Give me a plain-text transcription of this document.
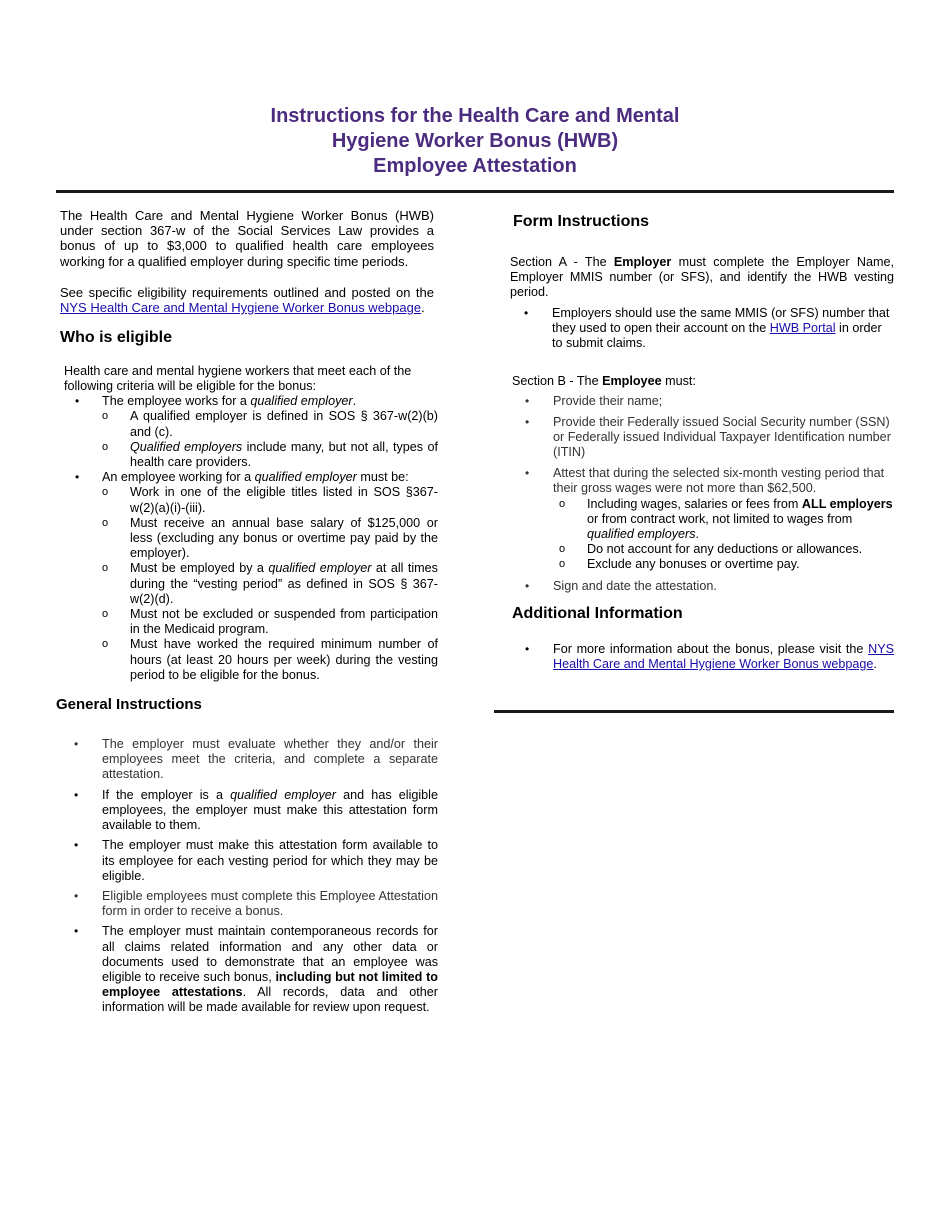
Instructions for the Health Care and Mental
Hygiene Worker Bonus (HWB)
Employee Attestation

The Health Care and Mental Hygiene Worker Bonus (HWB) under section 367-w of the Social Services Law provides a bonus of up to $3,000 to qualified health care employees working for a qualified employer during specific time periods.

See specific eligibility requirements outlined and posted on the NYS Health Care and Mental Hygiene Worker Bonus webpage.

Who is eligible

Health care and mental hygiene workers that meet each of the following criteria will be eligible for the bonus:

• The employee works for a qualified employer.
o A qualified employer is defined in SOS § 367-w(2)(b) and (c).
o Qualified employers include many, but not all, types of health care providers.
• An employee working for a qualified employer must be:
o Work in one of the eligible titles listed in SOS §367-w(2)(a)(i)-(iii).
o Must receive an annual base salary of $125,000 or less (excluding any bonus or overtime pay paid by the employer).
o Must be employed by a qualified employer at all times during the “vesting period” as defined in SOS § 367-w(2)(d).
o Must not be excluded or suspended from participation in the Medicaid program.
o Must have worked the required minimum number of hours (at least 20 hours per week) during the vesting period to be eligible for the bonus.
General Instructions
• The employer must evaluate whether they and/or their employees meet the criteria, and complete a separate attestation.
• If the employer is a qualified employer and has eligible employees, the employer must make this attestation form available to them.
• The employer must make this attestation form available to its employee for each vesting period for which they may be eligible.
• Eligible employees must complete this Employee Attestation form in order to receive a bonus.
• The employer must maintain contemporaneous records for all claims related information and any other data or documents used to demonstrate that an employee was eligible to receive such bonus, including but not limited to employee attestations. All records, data and other information will be made available for review upon request.
Form Instructions

Section A - The Employer must complete the Employer Name, Employer MMIS number (or SFS), and identify the HWB vesting period.

• Employers should use the same MMIS (or SFS) number that they used to open their account on the HWB Portal in order to submit claims.

Section B - The Employee must:

• Provide their name;
• Provide their Federally issued Social Security number (SSN) or Federally issued Individual Taxpayer Identification number (ITIN)
• Attest that during the selected six-month vesting period that their gross wages were not more than $62,500.
o Including wages, salaries or fees from ALL employers or from contract work, not limited to wages from qualified employers.
o Do not account for any deductions or allowances.
o Exclude any bonuses or overtime pay.
• Sign and date the attestation.
Additional Information
• For more information about the bonus, please visit the NYS Health Care and Mental Hygiene Worker Bonus webpage.
